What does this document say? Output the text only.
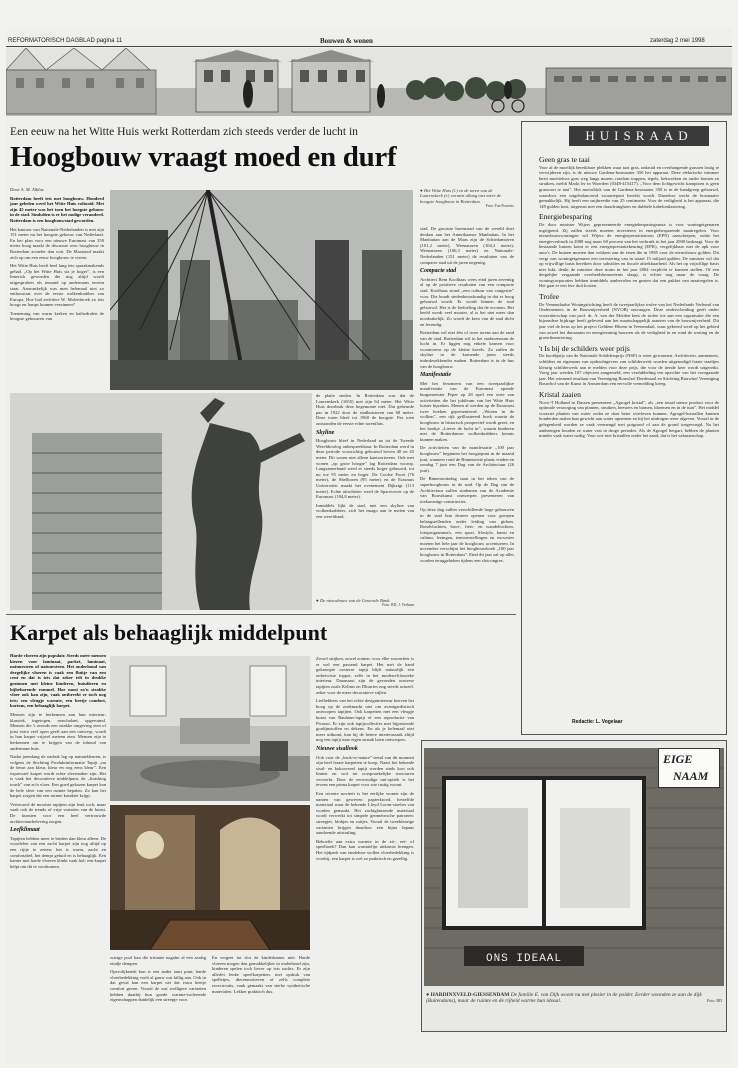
REFORMATORISCH DAGBLAD pagina 11	Bouwen & wonen	zaterdag 2 mei 1998
Een eeuw na het Witte Huis werkt Rotterdam zich steeds verder de lucht in
Hoogbouw vraagt moed en durf

Door A. M. Alblas

Rotterdam heeft iets met hoogbouw. Honderd jaar geleden werd het Witte Huis voltooid. Met zijn 45 meter was het toen het hoogste gebouw in de stad. Sindsdien is er het nodige veranderd. Rotterdam is een hoogbouwstad geworden.

Het kantoor van Nationale-Nederlanden is met zijn 151 meter nu het hoogste gebouw van Nederland. En het plan voor een nieuwe Euromast van 350 meter hoog maakt de discussie over hoogbouw in Rotterdam actueler dan ooit. De Maasstad maakt zich op om een eeuw hoogbouw te vieren.

Het Witte Huis heeft heel lang iets spraakmakends gehad. „Op het Witte Huis sta je hoger”, is een limerick geworden die nog altijd wordt uitgesproken als iemand op andermans terrein staat. Aanvankelijk was men helemaal niet zo enthousiast over de eerste wolkenkrabber van Europa. Hoe had architect W. Molenbroek zo iets hoogs en lomps kunnen verzinnen?

Toeneming van warm kerken en kathedralen de hoogste gebouwen van

● Het Witte Huis (l.) en de toren van de Laurenskerk (r.) vormen allang niet meer de hoogste hoogbouw in Rotterdam.
Foto: Ton Poorters

stad. De grootste havenstad van de wereld doet denken aan het Amerikaanse Manhattan. In het Manhattan aan de Maas zijn de Schiedamtoren (101,2 meter), Weenatoren (104,2 meter), Weenatoren (106,3 meter) en Nationale-Nederlanden (151 meter) de resultaten van de compacte stad uit de jaren negentig.

Compacte stad

Architect Rem Koolhaas wees eind jaren zeventig al op de positieve resultaten van een compacte stad. Koolhaas stond „een cultuur van congestie” voor. Die houdt stedenbouwkundig in dat er hoog gebouwd wordt. Er wordt binnen de stad gebouwd. Het is de bedoeling dat de econom. Het beeld wordt veel mooier, al is het niet meer dan noodzakelijk. Zo wordt de kern van de stad dicht en levendig.

Rotterdam wil niet één of twee torens aan de rand van de stad. Rotterdam wil in het stadscentrum de lucht in. Er liggen nog enkele kansen voor woontorens op de kleine kavels. Zo zullen de skyline in de komende jaren steeds indrukwekkender maken. Rotterdam is in de bus van de hoogbouw.

Manifestatie

Met het fenomeen van een tweejaarlijkse manifestatie van de Euromast opende burgemeester Peper op 28 april een serie van activiteiten die het jubileum van het Witte Huis luister bijzetten. Menen al werden op de Euromast twee boeken gepresenteerd: „Wonen in de wolken”, een rijk geïllustreerd boek waarin de hoogbouw in historisch perspectief wordt gezet, en het boekje „Liever de lucht in”, waarin kinderen met de Rotterdamse wolkenkrabbers kennis kunnen maken.

De activiteiten van de manifestatie „100 jaar hoogbouw” beginnen het hoogtepunt in de maand juni, wanneer rond de Binnenrotte plaats vinden en zondag 7 juni een Dag van de Architectuur (26 juni).

De Binnenrottedag staat in het teken van de superhoogbouw in de stad. Op de Dag van de Architectuur zullen studenten van de Academie van Bouwkunst ontwerpen presenteren van toekomstige constructies.

Op deze dag zullen verschillende hoge gebouwen in de stad hun deuren openen voor groepen belangstellenden onder leiding van gidsen. Rondvluchten, boot-, fiets- en wandeltochten, fotoprogramma's, een sport, lifestyle, kunst en cultuur, lezingen, tentoonstellingen en excursies moeten het hele jaar de hoogbouw accentueren. In november verschijnt het hoogbouwboek „100 jaar hoogbouw in Rotterdam”. Eind dit jaar zal op alles worden teruggekeken tijdens een slotcongres.

de platte steden. In Rotterdam was dat de Laurenskerk (1655) met zijn 64 meter. Het Witte Huis doorbrak deze hegemonie niet. Dat gebeurde pas in 1922 door de stadhuistoren van 68 meter. Deze toren bleef tot 1960 de hoogste. Pas toen ontstonden de eerste echte torenflats.

Skyline

Hoogbouw bleef in Nederland na tot de Tweede Wereldoorlog onbespreekbaar. In Rotterdam werd in deze periode voorzichtig gebouwd boven 40 en 45 meter. Dit waren niet alleen kantoortorens. Ook met wonen „op grote hoogte” lag Rotterdam voorop. Langzamerhand werd er steeds hoger gebouwd, tot nu toe 95 meter en hoger. De Coolse Poort (76 meter), de Shelltoren (95 meter) en de Erasmus Universiteit maakt het evenement Dijkzigt (113 meter). Echte uitschieter werd de Spacetower op de Euromast (184,8 meter).

Inmiddels lijkt de stad, met een skyline van wolkenkrabbers, zich het imago aan te meten van een wereldstad.

● De nieuwbouw van de Generale Bank.
Foto: RD, J. Verbaan
HUISRAAD
Geen gras te taai

Voor al de moeilijk bereikbare plekken waar taai gras, onkruid en overhangende grassen lastig te verwijderen zijn, is de nieuwe Gardena-bosmaaier 350 het apparaat. Deze elektrische trimmer bezit moeiteloos gras weg langs muren, rondom trappen, tegels, hekwerken en onder bomen en struiken, meldt Markt bv in Woerden (0348-415417). „Voor dem lichtgewicht kampioen is geen grassoort te taai”. Het motorblok van de Gardena-bosmaaier 350 is in de handgreep gebouwd, waardoor een uitgebalanceerd zwaartepunt bereikt wordt. Daardoor werkt de bosmaaier gemakkelijk. Hij heeft een snijbreedte van 25 centimeter. Voor de veiligheid is het apparaat, die 149 gulden kost, uitgerust met een draadvanghoes en dubbele kabelontlastering.

Energiebesparing

De door minister Wijers gepresenteerde energiebesparingsnota is voor woningeigenaren ingrijpend. Zij zullen steeds moeten investeren in energiebesparende maatregelen. Voor nieuwbouwwoningen wil Wijers de energieprestatienorm (EPN) aanscherpen, zodat het energieverbruik in 2008 nog maar 60 procent van het verbruik in het jaar 2000 bedraagt. Voor de bestaande huizen komt er een energieprestatiekeuring (EPK), vergelijkbaar met de apk voor auto's. De huizen moeten dan voldoen aan de eisen die in 1985 voor de nieuwbouw golden. Dit vergt van woningeigenaren een investering van in totaal 15 miljard gulden. De minister wil dat op vrijwillige basis bereiken door subsidies en fiscale aftrekbaarheid. Als het op vrijwillige basis niet lukt, denkt de minister deze norm in het jaar 2004 verplicht te kunnen stellen. Of een dergelijke vergaande overheidsbemoeienis slaagt, is echter nog maar de vraag. De woningcorporaties hebben inmiddels aanbevolen en gezien dat een pakket van maatregelen is. Het gaat er een lere duit kosten.

Trofee

De Vemendaalse Woningstichting heeft de tweejaarlijkse trofee van het Nederlands Verbond van Ondernemers in de Bouwnijverheid (NVOB) ontvangen. Deze onderscheiding geeft onder voorzitterschap van prof. dr. A. van der Meiden kent de trofee toe aan een organisatie die een bijzondere bijdrage heeft geleverd aan het maatschappelijk aanzien van de bouwnijverheid. Dit jaar viel de keus op het project Geldene Bloem in Veenendaal, waar gekeerd werd op het gebied van zowel het duurzaam en energiezuinig bouwen als de veiligheid in en rond de woning en de groenfinanciering.

't Is bij de schilders weer prijs

De koofdprijs van de Nationale Schildersprijs (NSP) is weer gewonnen. Architecten, aannemers, schilders en eigenaars van opdrachtgevers van schilderwerk worden uitgenodigd fraaie staaltjes kleurig schilderwerk aan te melden voor deze prijs, die voor de tiende keer wordt uitgereikt. Vorig jaar werden 107 objecten aangemeld, een verdubbeling ten opzichte van het voorgaande jaar. Het winnend resultaat van Vereniging Bouwhof Derdestaal en Stichting Bouwhof Vereniging Bouwhof van de Kunst in Amsterdam een eervolle vermelding kreeg.

Kristal zaaien

Novo-T Holland in Dussen presenteert „Agrogel kristal”, als „een totaal nieuw product voor de optimale verzorging van planten, struiken, heesters en bomen, bloemen en in de tuin”. Het middel voorziet planten van water zodat ze daar beter overleven kunnen. Agrogel-kristallen kunnen honderden malen hun gewicht aan water opnemen en bij het uitdrogen weer afgeven. Vooral in de gelegenheid worden ze vaak vermengd met potgrond of aan de grond toegevoegd. Na het aanbrengen houden ze water vast in droge periodes. Als de Agrogel bergart, hebben de planten minder vaak water nodig. Voor wie niet kristallen onder het zand, dat is het vakmanschap.

Redactie: L. Vogelaar
Karpet als behaaglijk middelpunt

Harde vloeren zijn populair. Steeds meer mensen kiezen voor laminaat, parket, laminaat, natuursteen of natuursteen. Het onderhoud van dergelijke vloeren is vaak een fluitje van een cent en dat is iets dat zeker telt in drukke gezinnen met kleine kinderen, huisdieren en bijbehorende rommel. Hoe mooi zo'n strakke vloer ook kan zijn, vaak ontbreekt er toch nog iets: een vleugje warmte, een beetje comfort, kortom, een behaaglijk karpet.

Mensen zijn te herkennen aan hun interieur: klassiek, ingetogen, nonchalant, opgeruimd. Mensen die 's avonds een strakke omgeving zien of juist extra veel open geeft aan een ontwerp, wordt in hun karpet vrijwel meteen zien. Mensen zijn te herkennen om te krijgen van de inhoud van andermans huis.

Nadat jarenlang de nadruk lag op natuurkleuren, is volgens de Stichting Produktinformatie Tapijt „nu de beurt aan kleur, kleur en nog eens kleur”. Een expressief karpet wordt echte sfeermaker zijn. Het is vaak het decoratieve middelpunt, de „finishing touch” van zo'n vloer. Een goed gekozen karpet kan de hele sfeer van een ruimte bepalen. Zo kan het karpet zorgen dat een ruimte karakter krijgt.

Vertrouwd de mooiste tapijten zijn leuk toch, maar vaak ook de trends of vrije variaties van de kunst. De kunsten voor een heel vertrouwde architectuurbeleving zorgen.

Leefklimaat

Tapijten hebben meer te bieden dan kleur alleen. De voordelen van een zacht karpet zijn nog altijd op een rijtje te zetten: het is warm, zacht en comfortabel, het dempt geluid en is behaaglijk. Een kamer met harde vloeren klinkt vaak hol; een karpet helpt om dit te voorkomen.

warige pool kan die irritante nagalm al een aardig eindje dempen.

Opvrolijkende kon is een ander taart punt; harde vloerbedekking voelt al gauw wat killig aan. Ook in dat geval kan een karpet net dat extra beetje comfort geven. Vooral de wat wolligere varianten hebben daarbij hun goede warmte-isolerende eigenschappen duidelijk een streepje voor.

Zowel strijken, zowel zomen: voor elke woonsfeer is er wel een passend karpet. Het met de hand geknoopte oosterse tapijt blijft natuurlijk een onbetwiste topper, zelfs in het modern-klassieke interieur. Daarnaast zijn de gevonden oosterse tapijten zoals Kelims en Dhurries nog steeds actueel, zeker voor de meer decoratieve stijlen.

Liefhebbers van het echte designinterieur hoeven het hoog op de zoekmarkt niet om avantgardistisch ontworpen tapijten. Ook karpetten met een vleugje kunst van Bauhaus-tapijt of een reproductie van Picasso. Er zijn ook tapijtcollecties met bijpassende gordijnstoffen en dekens. En als je helemaal niet meer uitkomt, kan bij de betere interieurzaak altijd nog een tapijt naar eigen smaak laten ontwerpen.

Nieuwe sisallook

Ook voor de „back-to-nature”-trend van dit moment zijn heel fraaie karpetten te koop. Naast het bekende sisal- en kokosvezel tapijt worden sinds kort ook linnen en wol tot oorspronkelijke structuren verwerkt. Door de eenvoudige uni-optiek is het tevens een prima karpet voor wie rustig woont.

Een recente noviteit is het eerlijke wonen zijn de namen van geweven papierkoord, hetzelfde materiaal waar de bekende Lloyd Loom-stoelen van worden gemaakt. Het zachtglanzende materiaal wordt verwerkt tot simpele geometrische patronen: streepjes, blokjes en ruitjes. Vooral de tweekleurige varianten krijgen daardoor een bijna Japans aandoende uitstraling.

Behoefte aan extra warmte in de zit-, eet- of speelhoek? Dan kan warmtelijn uitkomst brengen. Het tijdperk van eindeloze wollen vloerbedekking is voorbij, een karpet is wel zo praktisch en gezellig.

En vergeet tot slot de kinderkamer niet. Harde vloeren mogen dan gemakkelijker in onderhoud zijn, kinderen spelen toch liever op iets zachts. Er zijn allerlei leuke speelkarpetten, met opdruk van spelletjes, dierenmotieven of zelfs complete racecircuits, vaak gemaakt van sterke synthetische materialen. Lekker praktisch dus.

ONS IDEAAL
EIGE
NAAM
● HARDINXVELD-GIESSENDAM De familie E. van Dijk woont nu met plezier in de polder. Eerder woonden ze aan de dijk (Buitendams), maar de ruimte en de rijheid warme hun ideaal.	Foto: RD
